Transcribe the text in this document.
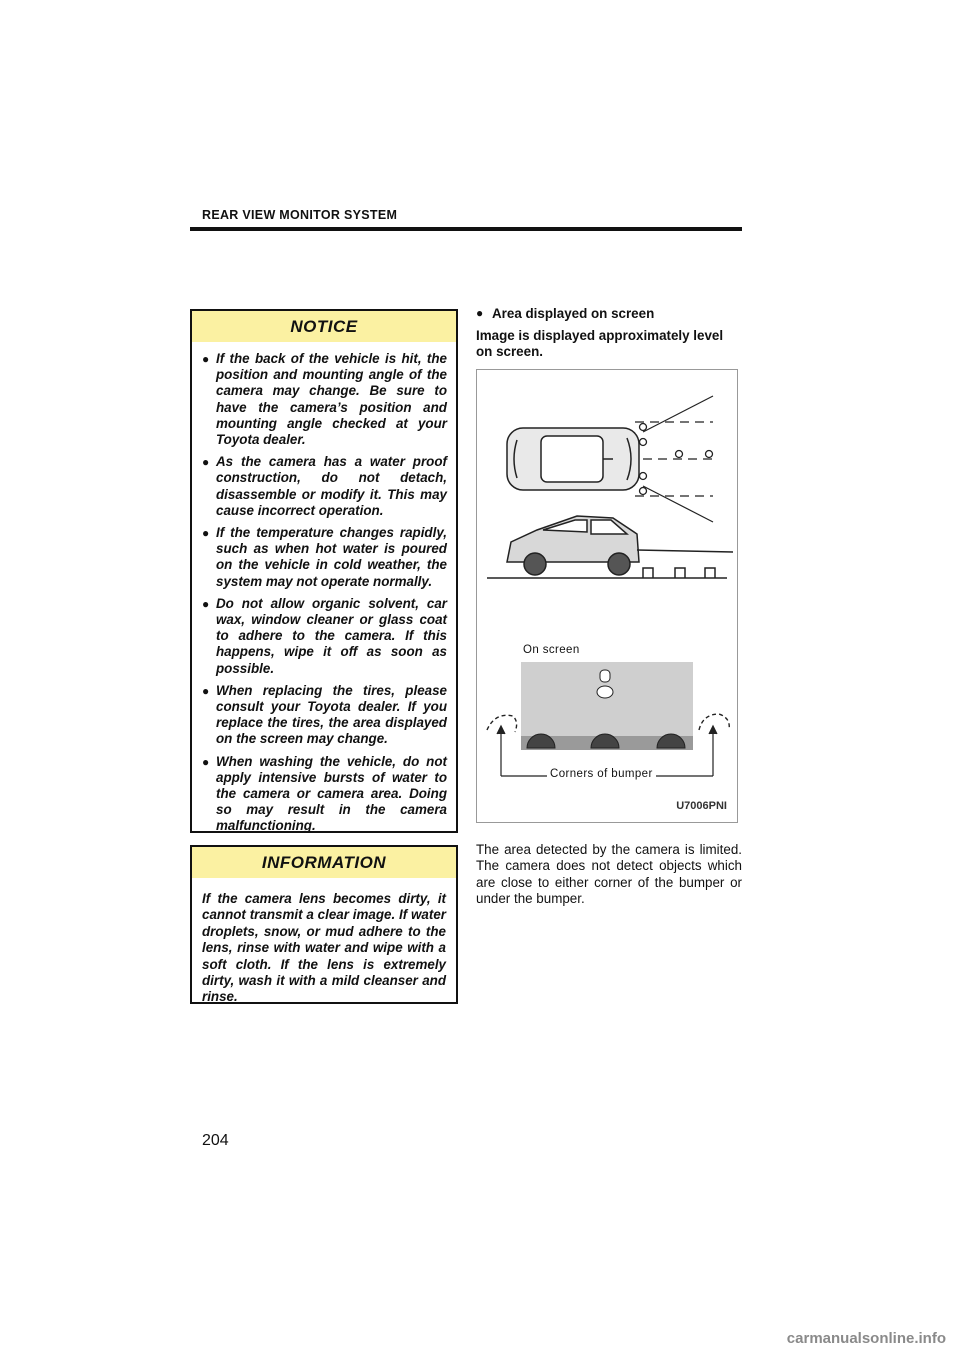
REAR VIEW MONITOR SYSTEM
NOTICE
● If the back of the vehicle is hit, the position and mounting angle of the camera may change. Be sure to have the camera’s position and mounting angle checked at your Toyota dealer.
● As the camera has a water proof construction, do not detach, disassemble or modify it. This may cause incorrect operation.
● If the temperature changes rapidly, such as when hot water is poured on the vehicle in cold weather, the system may not operate normally.
● Do not allow organic solvent, car wax, window cleaner or glass coat to adhere to the camera. If this happens, wipe it off as soon as possible.
● When replacing the tires, please consult your Toyota dealer. If you replace the tires, the area displayed on the screen may change.
● When washing the vehicle, do not apply intensive bursts of water to the camera or camera area. Doing so may result in the camera malfunctioning.
INFORMATION
If the camera lens becomes dirty, it cannot transmit a clear image. If water droplets, snow, or mud adhere to the lens, rinse with water and wipe with a soft cloth. If the lens is extremely dirty, wash it with a mild cleanser and rinse.
● Area displayed on screen
Image is displayed approximately level on screen.
On screen
Corners of bumper
U7006PNI
The area detected by the camera is limited. The camera does not detect objects which are close to either corner of the bumper or under the bumper.
204
carmanualsonline.info
